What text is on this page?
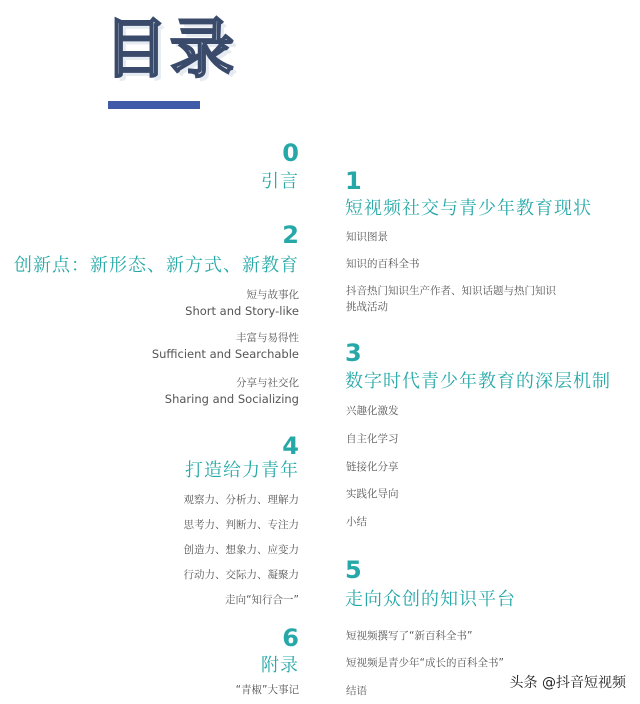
目录
0
引言
2
创新点：新形态、新方式、新教育
短与故事化
Short and Story-like
丰富与易得性
Sufficient and Searchable
分享与社交化
Sharing and Socializing
4
打造给力青年
观察力、分析力、理解力
思考力、判断力、专注力
创造力、想象力、应变力
行动力、交际力、凝聚力
走向“知行合一”
6
附录
“青椒”大事记
1
短视频社交与青少年教育现状
知识图景
知识的百科全书
抖音热门知识生产作者、知识话题与热门知识
挑战活动
3
数字时代青少年教育的深层机制
兴趣化激发
自主化学习
链接化分享
实践化导向
小结
5
走向众创的知识平台
短视频撰写了“新百科全书”
短视频是青少年“成长的百科全书”
结语	头条 @抖音短视频
